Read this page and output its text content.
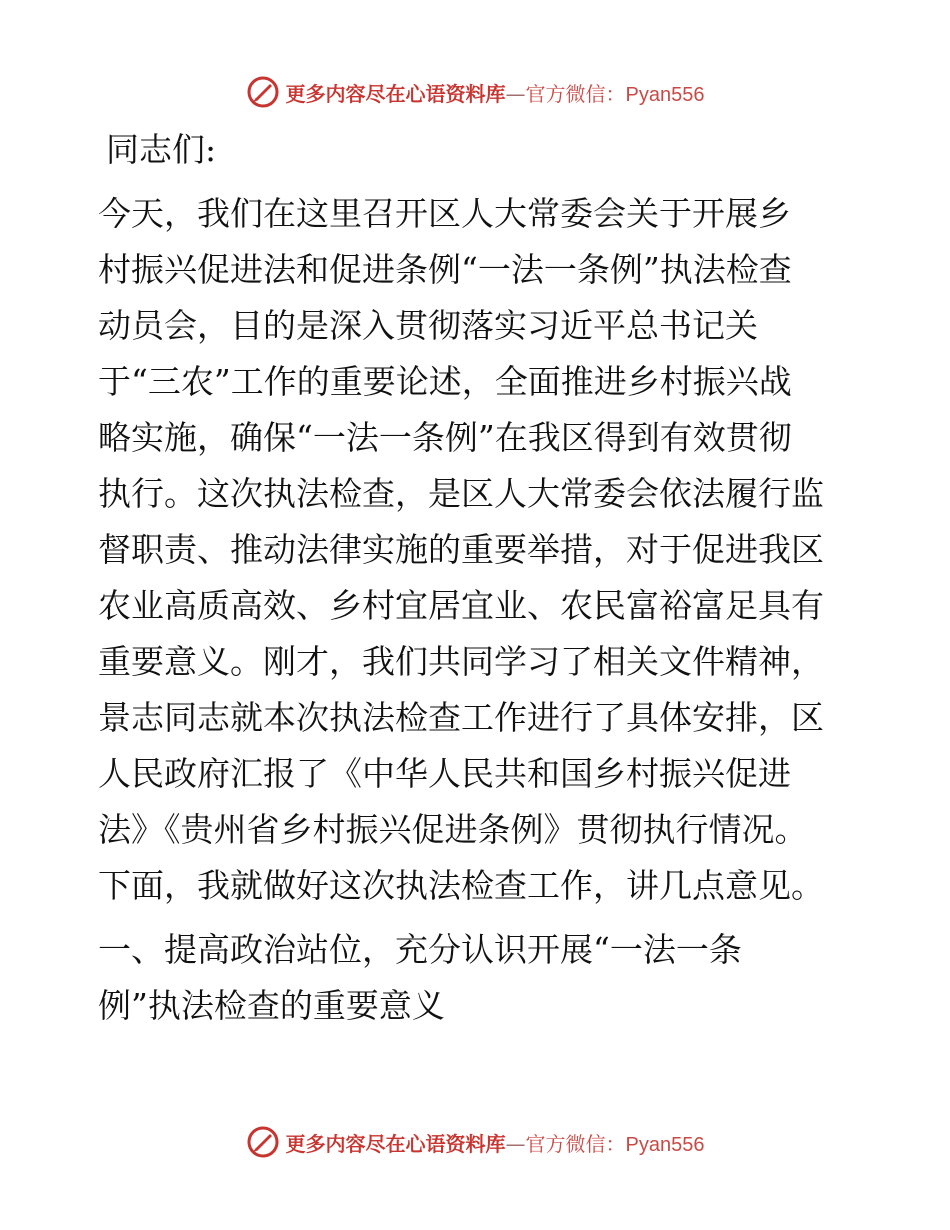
更多内容尽在心语资料库—官方微信：Pyan556
同志们:
今天，我们在这里召开区人大常委会关于开展乡
村振兴促进法和促进条例“一法一条例”执法检查
动员会，目的是深入贯彻落实习近平总书记关
于“三农”工作的重要论述，全面推进乡村振兴战
略实施，确保“一法一条例”在我区得到有效贯彻
执行。这次执法检查，是区人大常委会依法履行监
督职责、推动法律实施的重要举措，对于促进我区
农业高质高效、乡村宜居宜业、农民富裕富足具有
重要意义。刚才，我们共同学习了相关文件精神，
景志同志就本次执法检查工作进行了具体安排，区
人民政府汇报了《中华人民共和国乡村振兴促进
法》《贵州省乡村振兴促进条例》贯彻执行情况。
下面，我就做好这次执法检查工作，讲几点意见。
一、提高政治站位，充分认识开展“一法一条
例”执法检查的重要意义
更多内容尽在心语资料库—官方微信：Pyan556
